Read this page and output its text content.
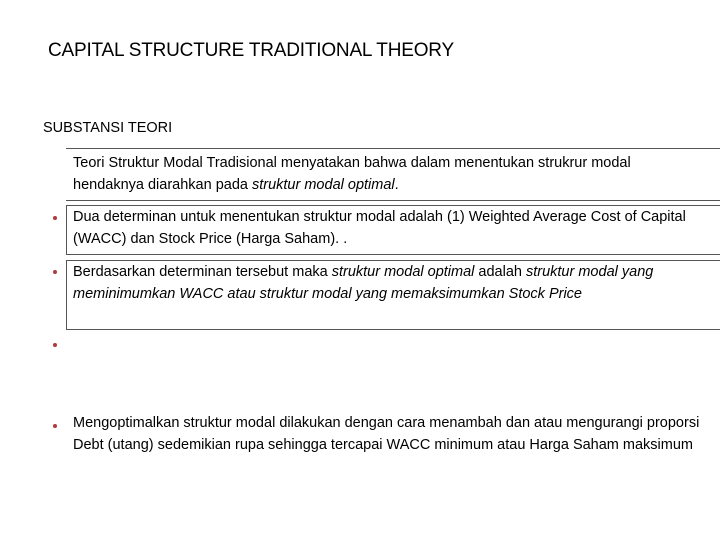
CAPITAL STRUCTURE TRADITIONAL THEORY
SUBSTANSI TEORI
Teori Struktur Modal Tradisional menyatakan bahwa dalam menentukan strukrur modal hendaknya diarahkan pada struktur modal optimal.
Dua determinan untuk menentukan struktur modal adalah (1) Weighted Average Cost of Capital (WACC) dan Stock Price (Harga Saham). .
Berdasarkan determinan tersebut maka struktur modal optimal adalah struktur modal yang meminimumkan WACC atau struktur modal yang memaksimumkan Stock Price
Mengoptimalkan struktur modal dilakukan dengan cara menambah dan atau mengurangi proporsi Debt (utang) sedemikian rupa sehingga tercapai WACC minimum atau Harga Saham maksimum
